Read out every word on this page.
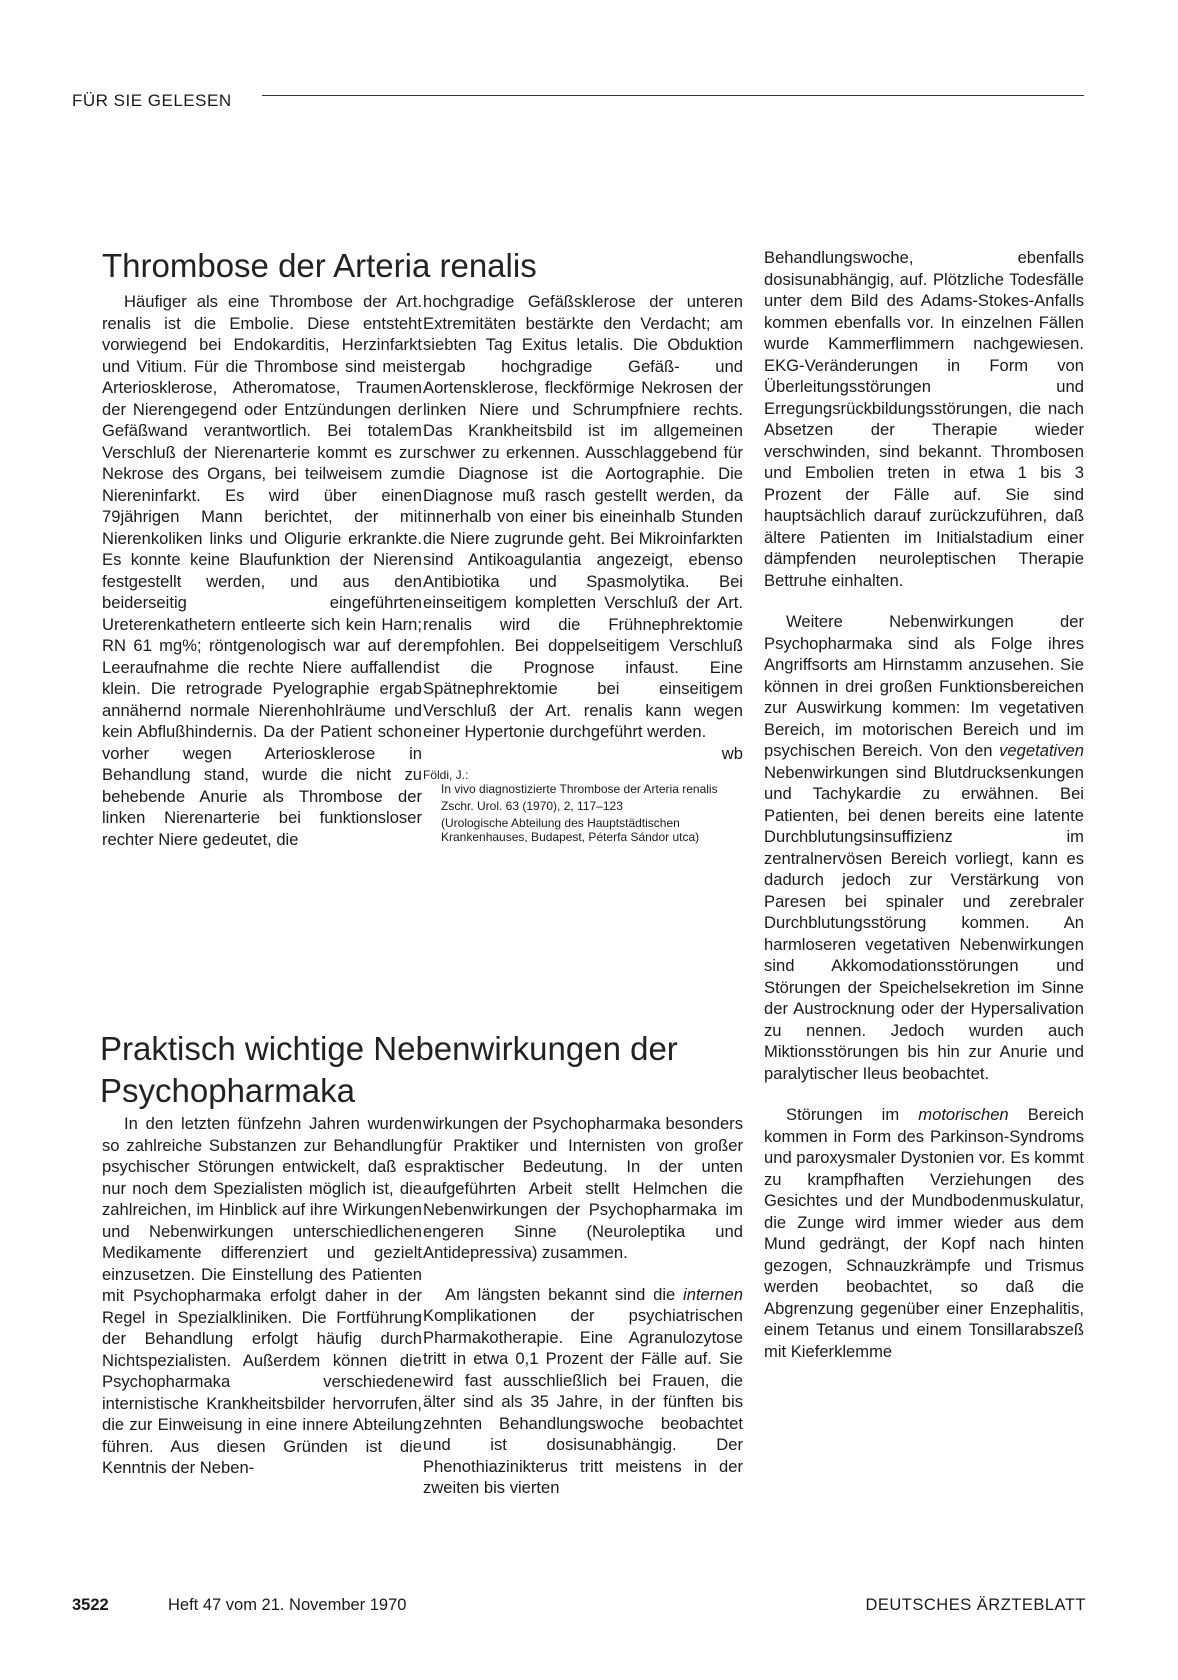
FÜR SIE GELESEN
Thrombose der Arteria renalis

Häufiger als eine Thrombose der Art. renalis ist die Embolie. Diese entsteht vorwiegend bei Endokarditis, Herzinfarkt und Vitium. Für die Thrombose sind meist Arteriosklerose, Atheromatose, Traumen der Nierengegend oder Entzündungen der Gefäßwand verantwortlich. Bei totalem Verschluß der Nierenarterie kommt es zur Nekrose des Organs, bei teilweisem zum Niereninfarkt. Es wird über einen 79jährigen Mann berichtet, der mit Nierenkoliken links und Oligurie erkrankte. Es konnte keine Blaufunktion der Nieren festgestellt werden, und aus den beiderseitig eingeführten Ureterenkathetern entleerte sich kein Harn; RN 61 mg%; röntgenologisch war auf der Leeraufnahme die rechte Niere auffallend klein. Die retrograde Pyelographie ergab annähernd normale Nierenhohlräume und kein Abflußhindernis. Da der Patient schon vorher wegen Arteriosklerose in Behandlung stand, wurde die nicht zu behebende Anurie als Thrombose der linken Nierenarterie bei funktionsloser rechter Niere gedeutet, die

hochgradige Gefäßsklerose der unteren Extremitäten bestärkte den Verdacht; am siebten Tag Exitus letalis. Die Obduktion ergab hochgradige Gefäß- und Aortensklerose, fleckförmige Nekrosen der linken Niere und Schrumpfniere rechts. Das Krankheitsbild ist im allgemeinen schwer zu erkennen. Ausschlaggebend für die Diagnose ist die Aortographie. Die Diagnose muß rasch gestellt werden, da innerhalb von einer bis eineinhalb Stunden die Niere zugrunde geht. Bei Mikroinfarkten sind Antikoagulantia angezeigt, ebenso Antibiotika und Spasmolytika. Bei einseitigem kompletten Verschluß der Art. renalis wird die Frühnephrektomie empfohlen. Bei doppelseitigem Verschluß ist die Prognose infaust. Eine Spätnephrektomie bei einseitigem Verschluß der Art. renalis kann wegen einer Hypertonie durchgeführt werden.

wb
Földi, J.:
In vivo diagnostizierte Thrombose der Arteria renalis
Zschr. Urol. 63 (1970), 2, 117–123
(Urologische Abteilung des Hauptstädtischen Krankenhauses, Budapest, Péterfa Sándor utca)
Praktisch wichtige Nebenwirkungen der Psychopharmaka

In den letzten fünfzehn Jahren wurden so zahlreiche Substanzen zur Behandlung psychischer Störungen entwickelt, daß es nur noch dem Spezialisten möglich ist, die zahlreichen, im Hinblick auf ihre Wirkungen und Nebenwirkungen unterschiedlichen Medikamente differenziert und gezielt einzusetzen. Die Einstellung des Patienten mit Psychopharmaka erfolgt daher in der Regel in Spezialkliniken. Die Fortführung der Behandlung erfolgt häufig durch Nichtspezialisten. Außerdem können die Psychopharmaka verschiedene internistische Krankheitsbilder hervorrufen, die zur Einweisung in eine innere Abteilung führen. Aus diesen Gründen ist die Kenntnis der Neben-

wirkungen der Psychopharmaka besonders für Praktiker und Internisten von großer praktischer Bedeutung. In der unten aufgeführten Arbeit stellt Helmchen die Nebenwirkungen der Psychopharmaka im engeren Sinne (Neuroleptika und Antidepressiva) zusammen.

Am längsten bekannt sind die internen Komplikationen der psychiatrischen Pharmakotherapie. Eine Agranulozytose tritt in etwa 0,1 Prozent der Fälle auf. Sie wird fast ausschließlich bei Frauen, die älter sind als 35 Jahre, in der fünften bis zehnten Behandlungswoche beobachtet und ist dosisunabhängig. Der Phenothiazinikterus tritt meistens in der zweiten bis vierten

Behandlungswoche, ebenfalls dosisunabhängig, auf. Plötzliche Todesfälle unter dem Bild des Adams-Stokes-Anfalls kommen ebenfalls vor. In einzelnen Fällen wurde Kammerflimmern nachgewiesen. EKG-Veränderungen in Form von Überleitungsstörungen und Erregungsrückbildungsstörungen, die nach Absetzen der Therapie wieder verschwinden, sind bekannt. Thrombosen und Embolien treten in etwa 1 bis 3 Prozent der Fälle auf. Sie sind hauptsächlich darauf zurückzuführen, daß ältere Patienten im Initialstadium einer dämpfenden neuroleptischen Therapie Bettruhe einhalten.

Weitere Nebenwirkungen der Psychopharmaka sind als Folge ihres Angriffsorts am Hirnstamm anzusehen. Sie können in drei großen Funktionsbereichen zur Auswirkung kommen: Im vegetativen Bereich, im motorischen Bereich und im psychischen Bereich. Von den vegetativen Nebenwirkungen sind Blutdrucksenkungen und Tachykardie zu erwähnen. Bei Patienten, bei denen bereits eine latente Durchblutungsinsuffizienz im zentralnervösen Bereich vorliegt, kann es dadurch jedoch zur Verstärkung von Paresen bei spinaler und zerebraler Durchblutungsstörung kommen. An harmloseren vegetativen Nebenwirkungen sind Akkomodationsstörungen und Störungen der Speichelsekretion im Sinne der Austrocknung oder der Hypersalivation zu nennen. Jedoch wurden auch Miktionsstörungen bis hin zur Anurie und paralytischer Ileus beobachtet.

Störungen im motorischen Bereich kommen in Form des Parkinson-Syndroms und paroxysmaler Dystonien vor. Es kommt zu krampfhaften Verziehungen des Gesichtes und der Mundbodenmuskulatur, die Zunge wird immer wieder aus dem Mund gedrängt, der Kopf nach hinten gezogen, Schnauzkrämpfe und Trismus werden beobachtet, so daß die Abgrenzung gegenüber einer Enzephalitis, einem Tetanus und einem Tonsillarabszeß mit Kieferklemme

3522	Heft 47 vom 21. November 1970	DEUTSCHES ÄRZTEBLATT
